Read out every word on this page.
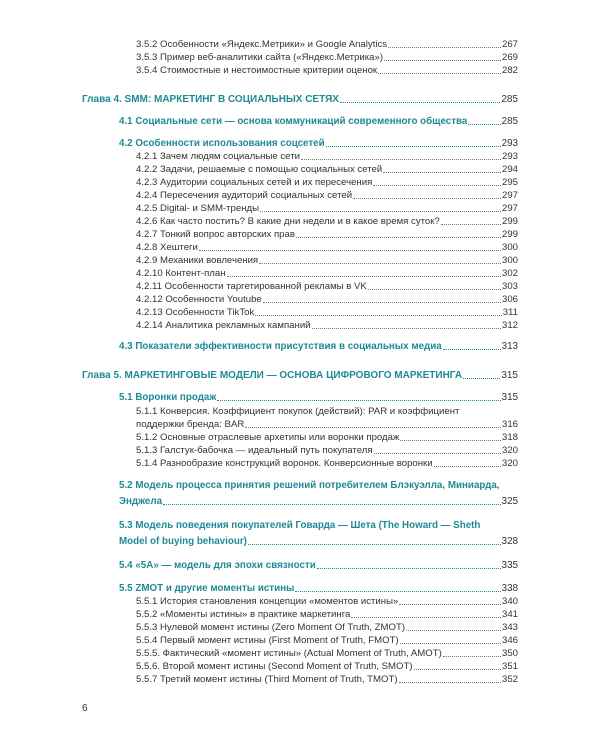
3.5.2 Особенности «Яндекс.Метрики» и Google Analytics	267
3.5.3 Пример веб-аналитики сайта («Яндекс.Метрика»)	269
3.5.4 Стоимостные и нестоимостные критерии оценок	282
Глава 4. SMM: МАРКЕТИНГ В СОЦИАЛЬНЫХ СЕТЯХ	285
4.1 Социальные сети — основа коммуникаций современного общества	285
4.2 Особенности использования соцсетей	293
4.2.1 Зачем людям социальные сети	293
4.2.2 Задачи, решаемые с помощью социальных сетей	294
4.2.3 Аудитории социальных сетей и их пересечения	295
4.2.4 Пересечения аудиторий социальных сетей	297
4.2.5 Digital- и SMM-тренды	297
4.2.6 Как часто постить? В какие дни недели и в какое время суток?	299
4.2.7 Тонкий вопрос авторских прав	299
4.2.8 Хештеги	300
4.2.9 Механики вовлечения	300
4.2.10 Контент-план	302
4.2.11 Особенности таргетированной рекламы в VK	303
4.2.12 Особенности Youtube	306
4.2.13 Особенности TikTok	311
4.2.14 Аналитика рекламных кампаний	312
4.3 Показатели эффективности присутствия в социальных медиа	313
Глава 5. МАРКЕТИНГОВЫЕ МОДЕЛИ — ОСНОВА ЦИФРОВОГО МАРКЕТИНГА	315
5.1 Воронки продаж	315
5.1.1 Конверсия. Коэффициент покупок (действий): PAR и коэффициент
поддержки бренда: BAR	316
5.1.2 Основные отраслевые архетипы или воронки продаж	318
5.1.3 Галстук-бабочка — идеальный путь покупателя	320
5.1.4 Разнообразие конструкций воронок. Конверсионные воронки	320
5.2 Модель процесса принятия решений потребителем Блэкуэлла, Миниарда,
Энджела	325
5.3 Модель поведения покупателей Говарда — Шета (The Howard — Sheth
Model of buying behaviour)	328
5.4 «5А» — модель для эпохи связности	335
5.5 ZMOT и другие моменты истины	338
5.5.1 История становления концепции «моментов истины»	340
5.5.2 «Моменты истины» в практике маркетинга	341
5.5.3 Нулевой момент истины (Zero Moment Of Truth, ZMOT)	343
5.5.4 Первый момент истины (First Moment of Truth, FMOT)	346
5.5.5. Фактический «момент истины» (Actual Moment of Truth, AMOT)	350
5.5.6. Второй момент истины (Second Moment of Truth, SMOT)	351
5.5.7 Третий момент истины (Third Moment of Truth, TMOT)	352
6
